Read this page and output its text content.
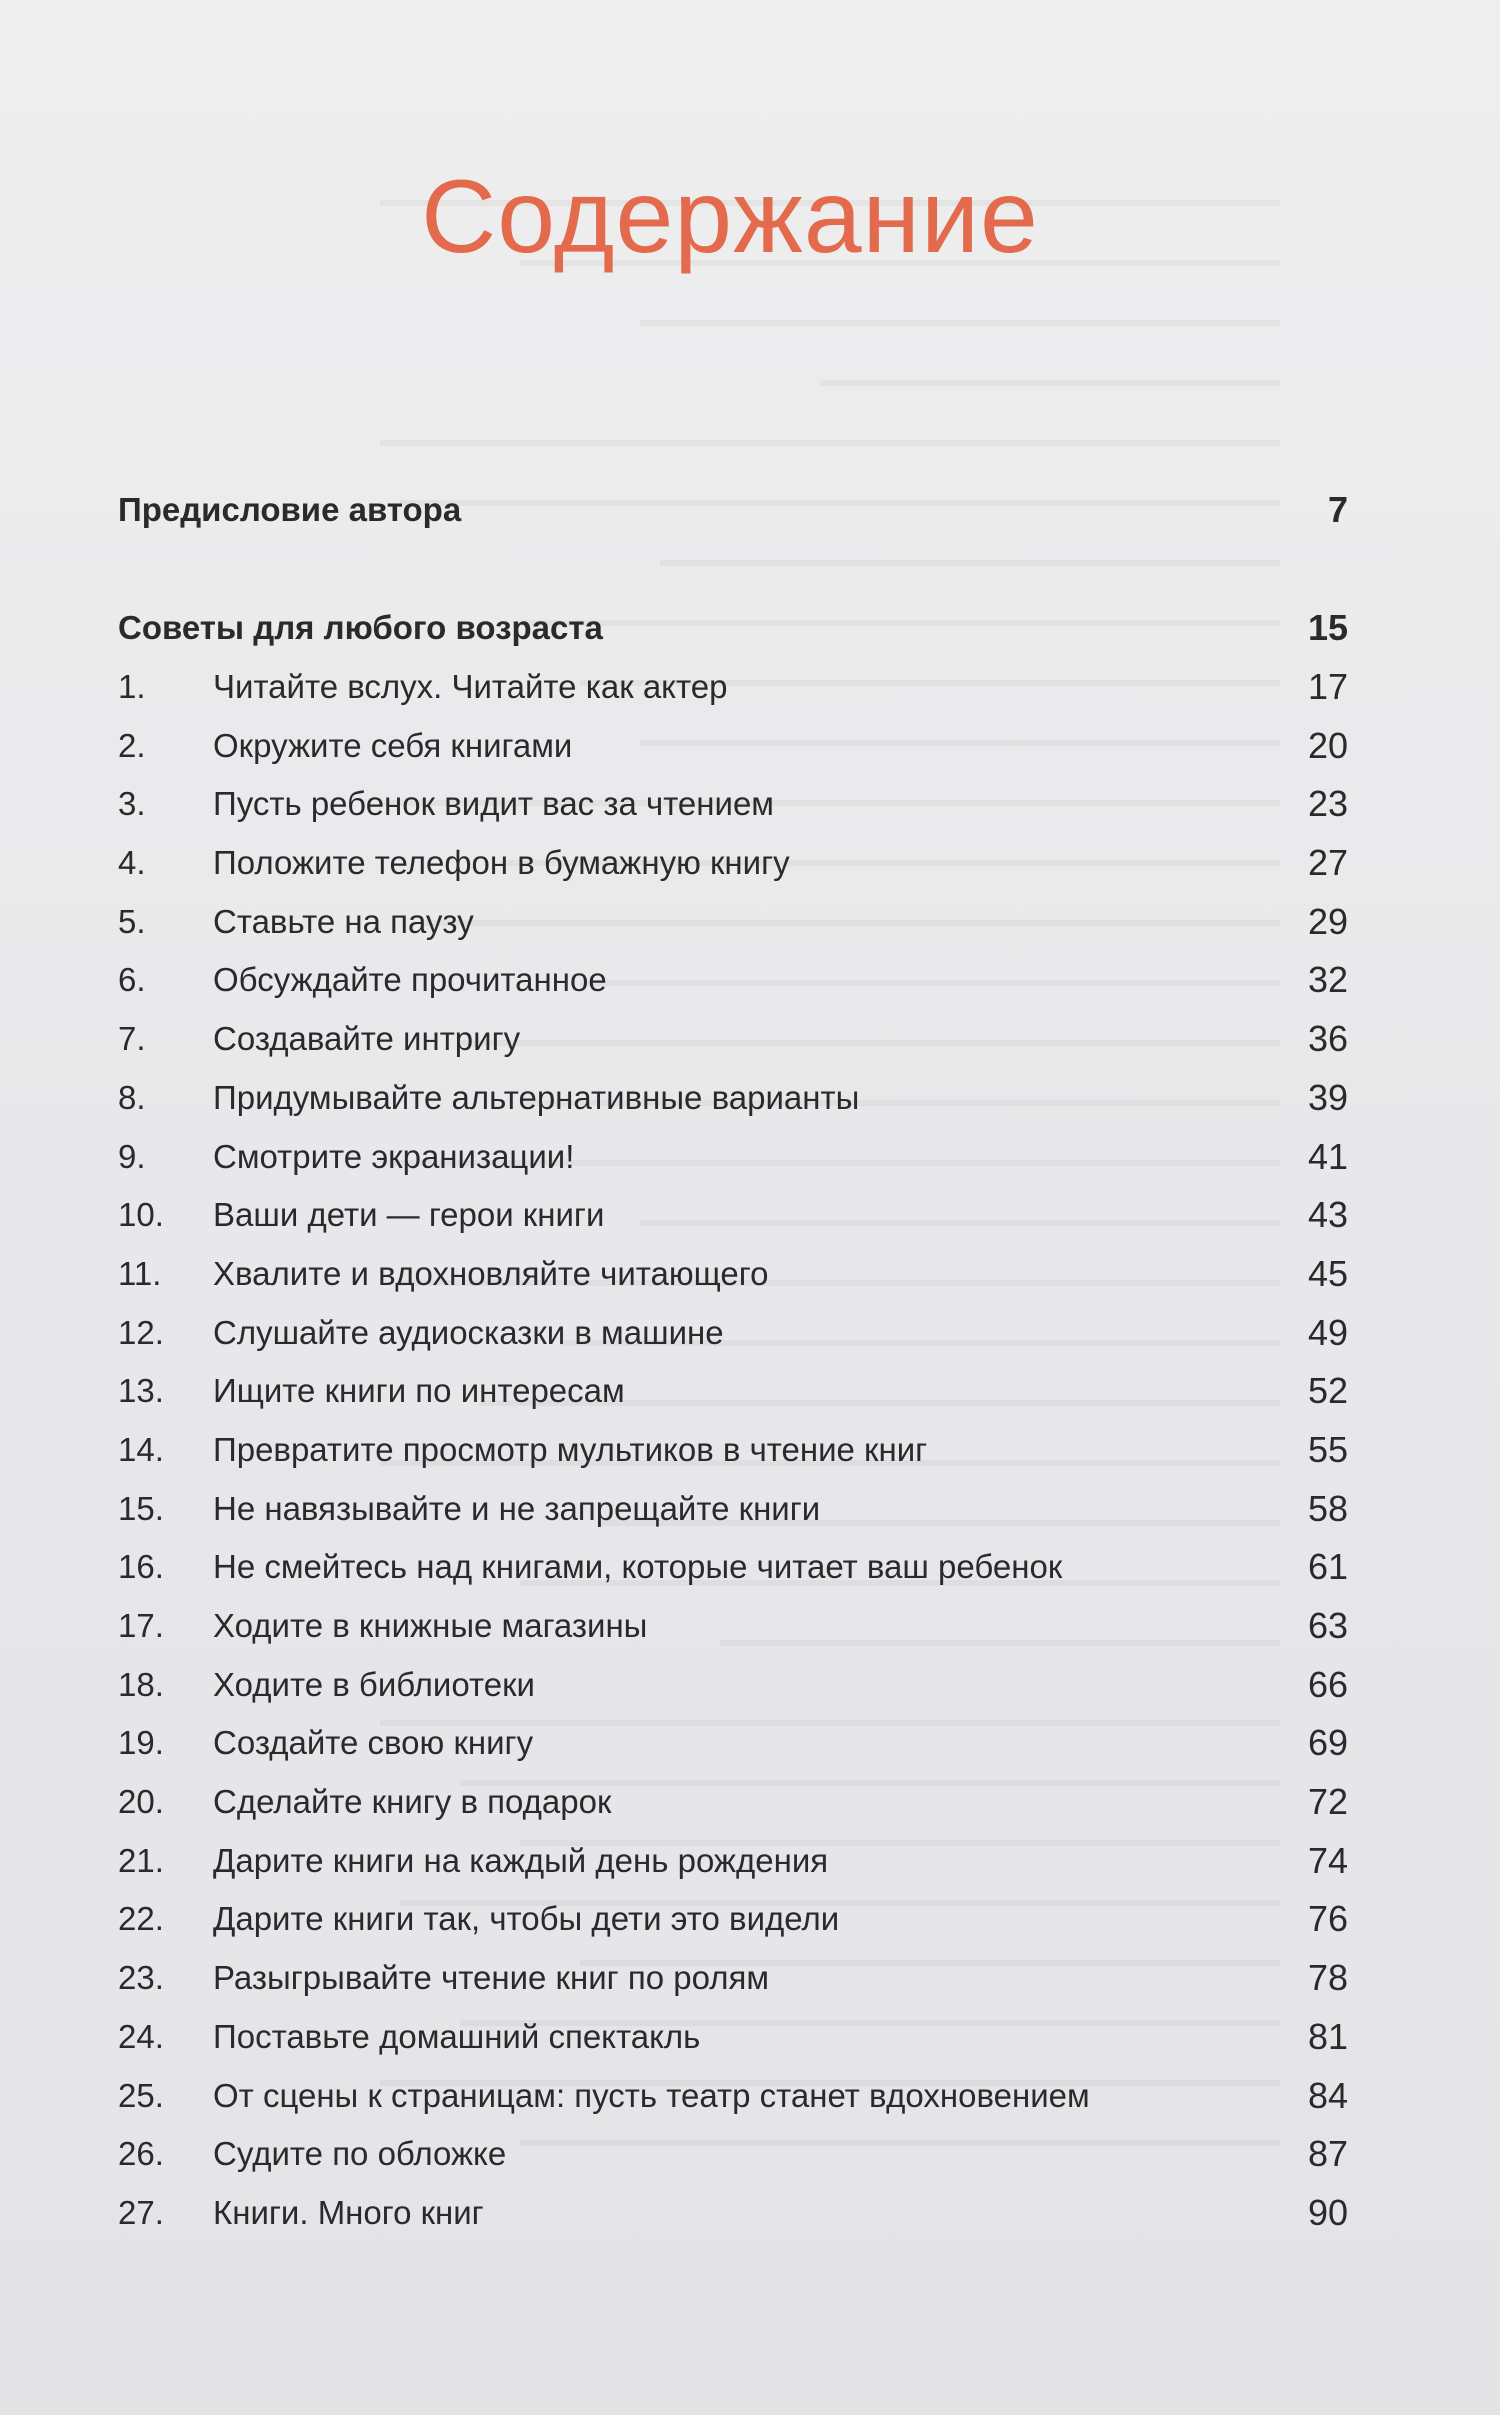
Содержание
Предисловие автора	7
Советы для любого возраста	15
1.	Читайте вслух. Читайте как актер	17
2.	Окружите себя книгами	20
3.	Пусть ребенок видит вас за чтением	23
4.	Положите телефон в бумажную книгу	27
5.	Ставьте на паузу	29
6.	Обсуждайте прочитанное	32
7.	Создавайте интригу	36
8.	Придумывайте альтернативные варианты	39
9.	Смотрите экранизации!	41
10.	Ваши дети — герои книги	43
11.	Хвалите и вдохновляйте читающего	45
12.	Слушайте аудиосказки в машине	49
13.	Ищите книги по интересам	52
14.	Превратите просмотр мультиков в чтение книг	55
15.	Не навязывайте и не запрещайте книги	58
16.	Не смейтесь над книгами, которые читает ваш ребенок	61
17.	Ходите в книжные магазины	63
18.	Ходите в библиотеки	66
19.	Создайте свою книгу	69
20.	Сделайте книгу в подарок	72
21.	Дарите книги на каждый день рождения	74
22.	Дарите книги так, чтобы дети это видели	76
23.	Разыгрывайте чтение книг по ролям	78
24.	Поставьте домашний спектакль	81
25.	От сцены к страницам: пусть театр станет вдохновением	84
26.	Судите по обложке	87
27.	Книги. Много книг	90
